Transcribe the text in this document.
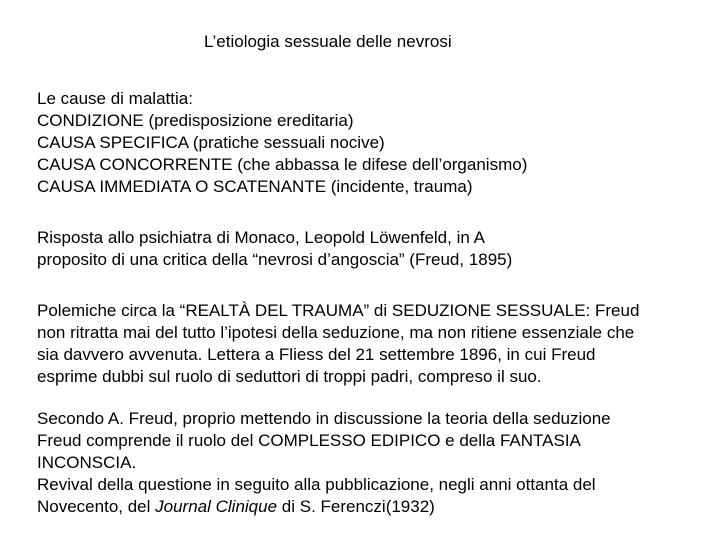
L’etiologia sessuale delle nevrosi
Le cause di malattia:
CONDIZIONE (predisposizione ereditaria)
CAUSA SPECIFICA (pratiche sessuali nocive)
CAUSA CONCORRENTE (che abbassa le difese dell’organismo)
CAUSA IMMEDIATA O SCATENANTE (incidente, trauma)
Risposta allo psichiatra di Monaco, Leopold Löwenfeld, in A
proposito di una critica della “nevrosi d’angoscia” (Freud, 1895)
Polemiche circa la “REALTÀ DEL TRAUMA” di SEDUZIONE SESSUALE: Freud
non ritratta mai del tutto l’ipotesi della seduzione, ma non ritiene essenziale che
sia davvero avvenuta. Lettera a Fliess del 21 settembre 1896, in cui Freud
esprime dubbi sul ruolo di seduttori di troppi padri, compreso il suo.
Secondo A. Freud, proprio mettendo in discussione la teoria della seduzione
Freud comprende il ruolo del COMPLESSO EDIPICO e della FANTASIA
INCONSCIA.
Revival della questione in seguito alla pubblicazione, negli anni ottanta del
Novecento, del Journal Clinique di S. Ferenczi(1932)
